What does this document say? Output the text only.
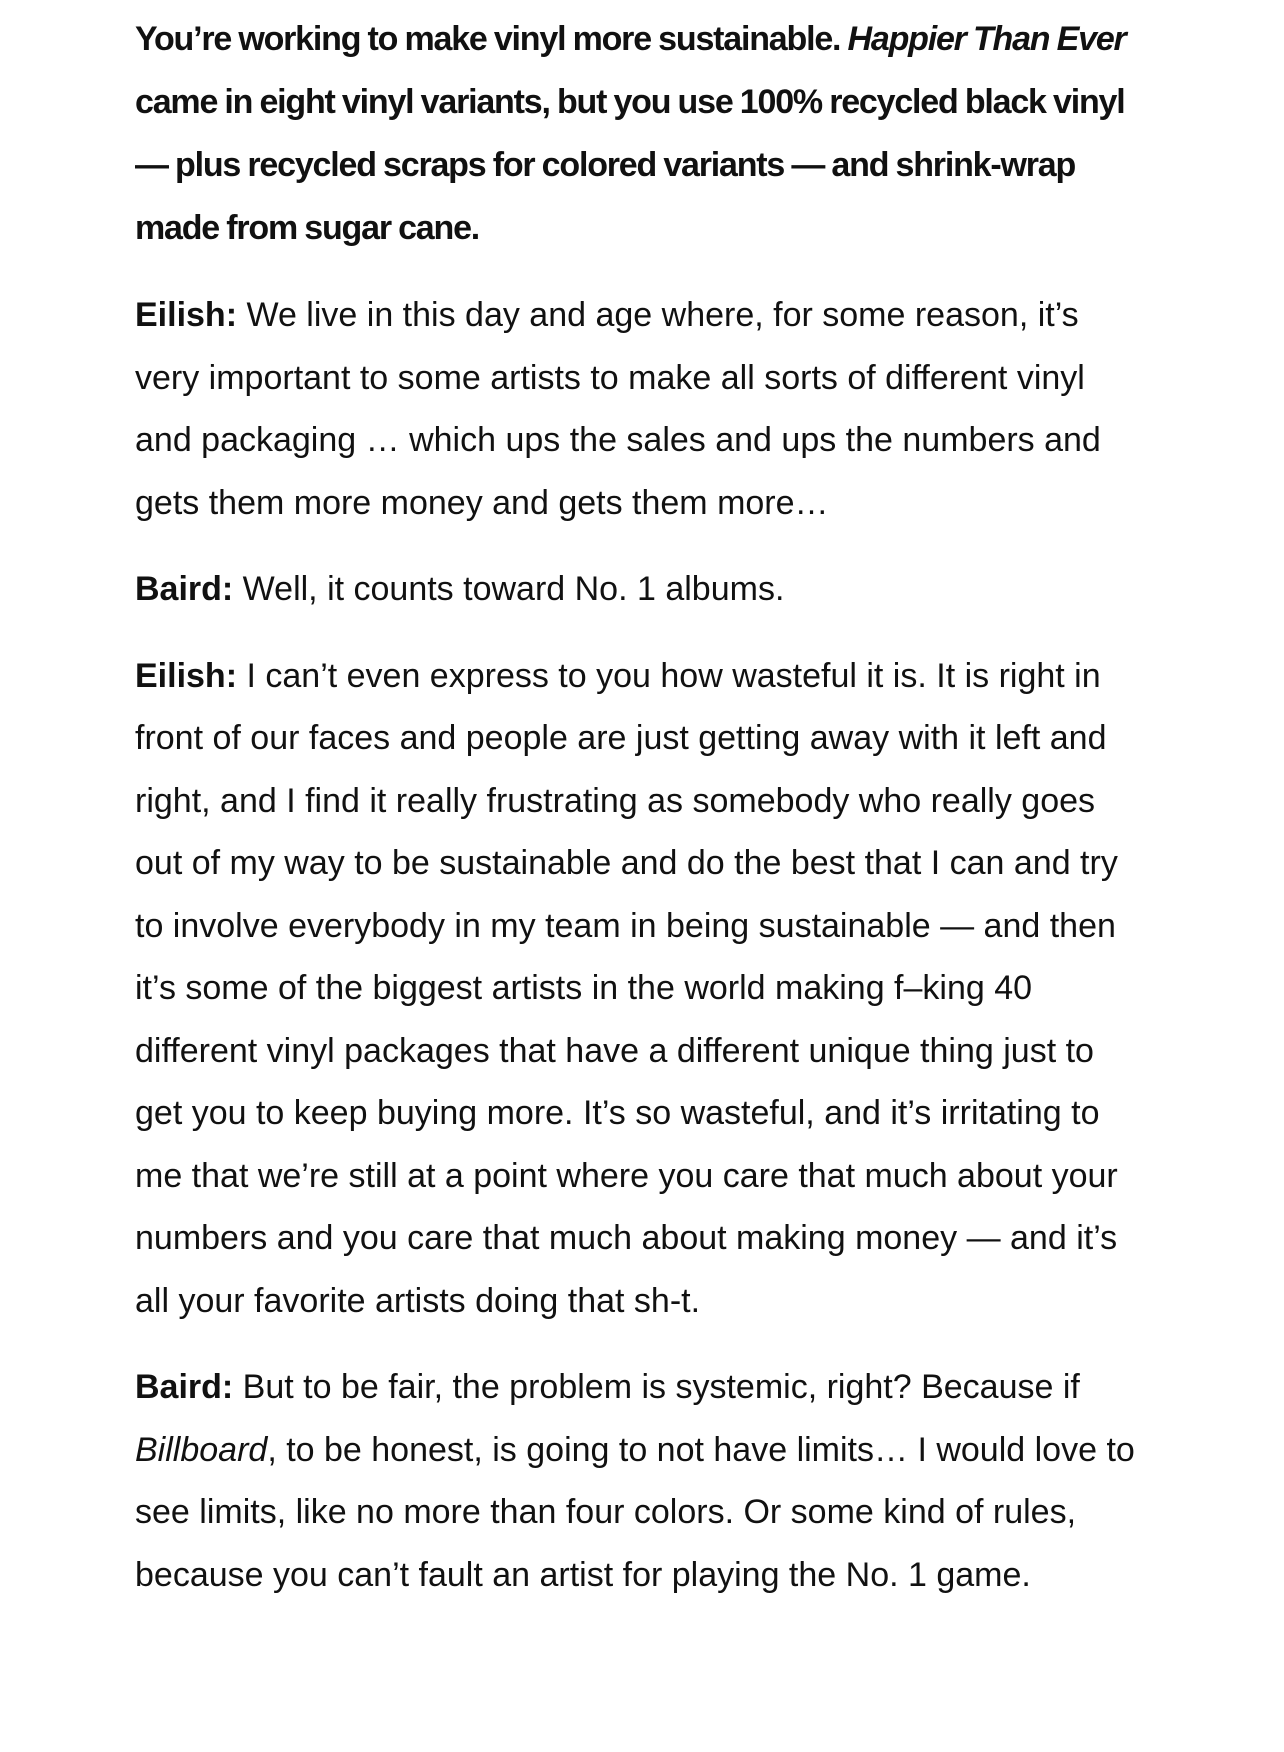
You’re working to make vinyl more sustainable. Happier Than Ever came in eight vinyl variants, but you use 100% recycled black vinyl — plus recycled scraps for colored variants — and shrink-wrap made from sugar cane.

Eilish: We live in this day and age where, for some reason, it’s very important to some artists to make all sorts of different vinyl and packaging … which ups the sales and ups the numbers and gets them more money and gets them more…

Baird: Well, it counts toward No. 1 albums.

Eilish: I can’t even express to you how wasteful it is. It is right in front of our faces and people are just getting away with it left and right, and I find it really frustrating as somebody who really goes out of my way to be sustainable and do the best that I can and try to involve everybody in my team in being sustainable — and then it’s some of the biggest artists in the world making f–king 40 different vinyl packages that have a different unique thing just to get you to keep buying more. It’s so wasteful, and it’s irritating to me that we’re still at a point where you care that much about your numbers and you care that much about making money — and it’s all your favorite artists doing that sh-t.

Baird: But to be fair, the problem is systemic, right? Because if Billboard, to be honest, is going to not have limits… I would love to see limits, like no more than four colors. Or some kind of rules, because you can’t fault an artist for playing the No. 1 game.
